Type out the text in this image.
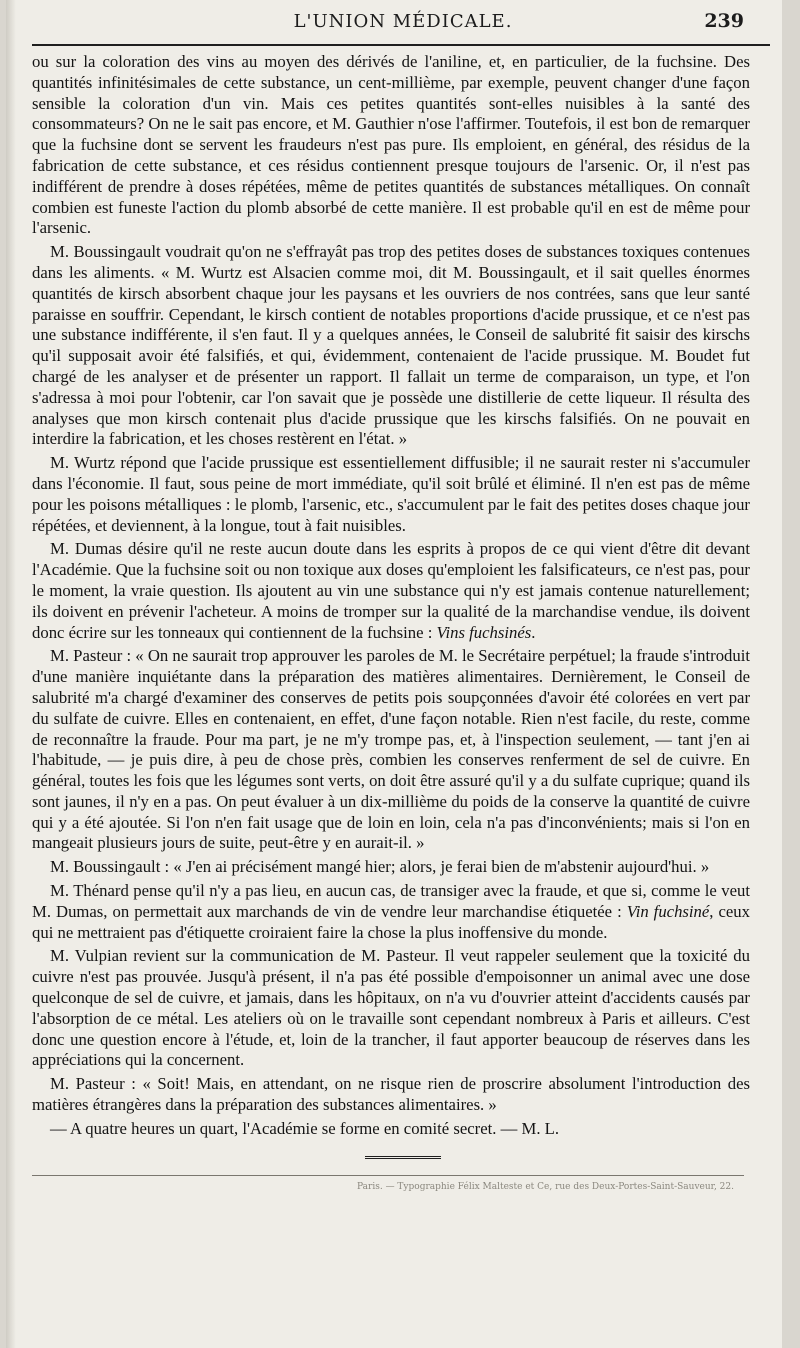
L'UNION MÉDICALE.	239

ou sur la coloration des vins au moyen des dérivés de l'aniline, et, en particulier, de la fuchsine. Des quantités infinitésimales de cette substance, un cent-millième, par exemple, peuvent changer d'une façon sensible la coloration d'un vin. Mais ces petites quantités sont-elles nuisibles à la santé des consommateurs? On ne le sait pas encore, et M. Gauthier n'ose l'affirmer. Toutefois, il est bon de remarquer que la fuchsine dont se servent les fraudeurs n'est pas pure. Ils emploient, en général, des résidus de la fabrication de cette substance, et ces résidus contiennent presque toujours de l'arsenic. Or, il n'est pas indifférent de prendre à doses répétées, même de petites quantités de substances métalliques. On connaît combien est funeste l'action du plomb absorbé de cette manière. Il est probable qu'il en est de même pour l'arsenic.

M. Boussingault voudrait qu'on ne s'effrayât pas trop des petites doses de substances toxiques contenues dans les aliments. « M. Wurtz est Alsacien comme moi, dit M. Boussingault, et il sait quelles énormes quantités de kirsch absorbent chaque jour les paysans et les ouvriers de nos contrées, sans que leur santé paraisse en souffrir. Cependant, le kirsch contient de notables proportions d'acide prussique, et ce n'est pas une substance indifférente, il s'en faut. Il y a quelques années, le Conseil de salubrité fit saisir des kirschs qu'il supposait avoir été falsifiés, et qui, évidemment, contenaient de l'acide prussique. M. Boudet fut chargé de les analyser et de présenter un rapport. Il fallait un terme de comparaison, un type, et l'on s'adressa à moi pour l'obtenir, car l'on savait que je possède une distillerie de cette liqueur. Il résulta des analyses que mon kirsch contenait plus d'acide prussique que les kirschs falsifiés. On ne pouvait en interdire la fabrication, et les choses restèrent en l'état. »

M. Wurtz répond que l'acide prussique est essentiellement diffusible; il ne saurait rester ni s'accumuler dans l'économie. Il faut, sous peine de mort immédiate, qu'il soit brûlé et éliminé. Il n'en est pas de même pour les poisons métalliques : le plomb, l'arsenic, etc., s'accumulent par le fait des petites doses chaque jour répétées, et deviennent, à la longue, tout à fait nuisibles.

M. Dumas désire qu'il ne reste aucun doute dans les esprits à propos de ce qui vient d'être dit devant l'Académie. Que la fuchsine soit ou non toxique aux doses qu'emploient les falsificateurs, ce n'est pas, pour le moment, la vraie question. Ils ajoutent au vin une substance qui n'y est jamais contenue naturellement; ils doivent en prévenir l'acheteur. A moins de tromper sur la qualité de la marchandise vendue, ils doivent donc écrire sur les tonneaux qui contiennent de la fuchsine : Vins fuchsinés.

M. Pasteur : « On ne saurait trop approuver les paroles de M. le Secrétaire perpétuel; la fraude s'introduit d'une manière inquiétante dans la préparation des matières alimentaires. Dernièrement, le Conseil de salubrité m'a chargé d'examiner des conserves de petits pois soupçonnées d'avoir été colorées en vert par du sulfate de cuivre. Elles en contenaient, en effet, d'une façon notable. Rien n'est facile, du reste, comme de reconnaître la fraude. Pour ma part, je ne m'y trompe pas, et, à l'inspection seulement, — tant j'en ai l'habitude, — je puis dire, à peu de chose près, combien les conserves renferment de sel de cuivre. En général, toutes les fois que les légumes sont verts, on doit être assuré qu'il y a du sulfate cuprique; quand ils sont jaunes, il n'y en a pas. On peut évaluer à un dix-millième du poids de la conserve la quantité de cuivre qui y a été ajoutée. Si l'on n'en fait usage que de loin en loin, cela n'a pas d'inconvénients; mais si l'on en mangeait plusieurs jours de suite, peut-être y en aurait-il. »

M. Boussingault : « J'en ai précisément mangé hier; alors, je ferai bien de m'abstenir aujourd'hui. »

M. Thénard pense qu'il n'y a pas lieu, en aucun cas, de transiger avec la fraude, et que si, comme le veut M. Dumas, on permettait aux marchands de vin de vendre leur marchandise étiquetée : Vin fuchsiné, ceux qui ne mettraient pas d'étiquette croiraient faire la chose la plus inoffensive du monde.

M. Vulpian revient sur la communication de M. Pasteur. Il veut rappeler seulement que la toxicité du cuivre n'est pas prouvée. Jusqu'à présent, il n'a pas été possible d'empoisonner un animal avec une dose quelconque de sel de cuivre, et jamais, dans les hôpitaux, on n'a vu d'ouvrier atteint d'accidents causés par l'absorption de ce métal. Les ateliers où on le travaille sont cependant nombreux à Paris et ailleurs. C'est donc une question encore à l'étude, et, loin de la trancher, il faut apporter beaucoup de réserves dans les appréciations qui la concernent.

M. Pasteur : « Soit! Mais, en attendant, on ne risque rien de proscrire absolument l'introduction des matières étrangères dans la préparation des substances alimentaires. »

— A quatre heures un quart, l'Académie se forme en comité secret. — M. L.

Paris. — Typographie Félix Malteste et Ce, rue des Deux-Portes-Saint-Sauveur, 22.
